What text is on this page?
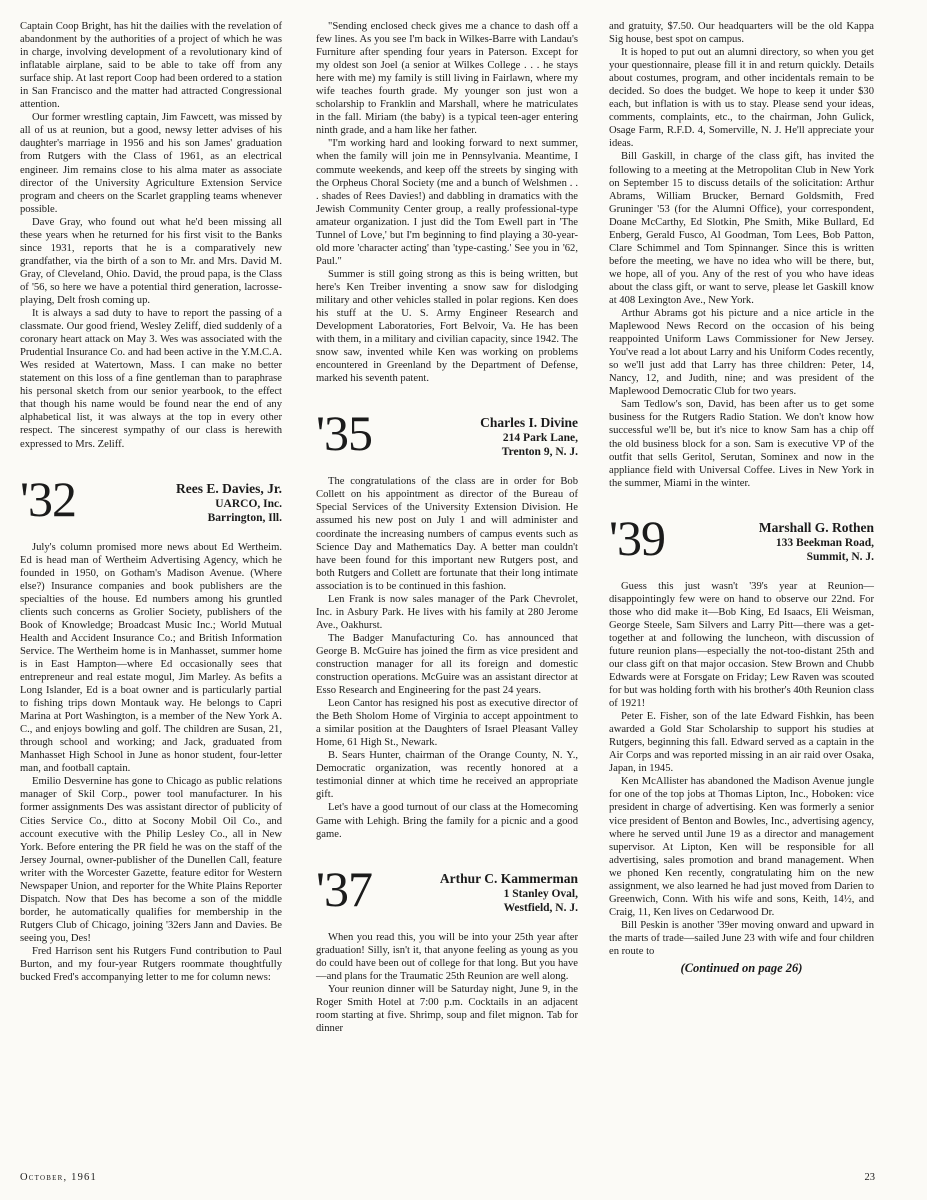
Captain Coop Bright, has hit the dailies with the revelation of abandonment by the authorities of a project of which he was in charge, involving development of a revolutionary kind of inflatable airplane, said to be able to take off from any surface ship. At last report Coop had been ordered to a station in San Francisco and the matter had attracted Congressional attention.

Our former wrestling captain, Jim Fawcett, was missed by all of us at reunion, but a good, newsy letter advises of his daughter's marriage in 1956 and his son James' graduation from Rutgers with the Class of 1961, as an electrical engineer. Jim remains close to his alma mater as associate director of the University Agriculture Extension Service program and cheers on the Scarlet grappling teams whenever possible.

Dave Gray, who found out what he'd been missing all these years when he returned for his first visit to the Banks since 1931, reports that he is a comparatively new grandfather, via the birth of a son to Mr. and Mrs. David M. Gray, of Cleveland, Ohio. David, the proud papa, is the Class of '56, so here we have a potential third generation, lacrosse-playing, Delt frosh coming up.

It is always a sad duty to have to report the passing of a classmate. Our good friend, Wesley Zeliff, died suddenly of a coronary heart attack on May 3. Wes was associated with the Prudential Insurance Co. and had been active in the Y.M.C.A. Wes resided at Watertown, Mass. I can make no better statement on this loss of a fine gentleman than to paraphrase his personal sketch from our senior yearbook, to the effect that though his name would be found near the end of any alphabetical list, it was always at the top in every other respect. The sincerest sympathy of our class is herewith expressed to Mrs. Zeliff.

'32	Rees E. Davies, Jr.
UARCO, Inc.
Barrington, Ill.

July's column promised more news about Ed Wertheim. Ed is head man of Wertheim Advertising Agency, which he founded in 1950, on Gotham's Madison Avenue. (Where else?) Insurance companies and book publishers are the specialties of the house. Ed numbers among his gruntled clients such concerns as Grolier Society, publishers of the Book of Knowledge; Broadcast Music Inc.; World Mutual Health and Accident Insurance Co.; and British Information Service. The Wertheim home is in Manhasset, summer home is in East Hampton—where Ed occasionally sees that entrepreneur and real estate mogul, Jim Marley. As befits a Long Islander, Ed is a boat owner and is particularly partial to fishing trips down Montauk way. He belongs to Capri Marina at Port Washington, is a member of the New York A. C., and enjoys bowling and golf. The children are Susan, 21, through school and working; and Jack, graduated from Manhasset High School in June as honor student, four-letter man, and football captain.

Emilio Desvernine has gone to Chicago as public relations manager of Skil Corp., power tool manufacturer. In his former assignments Des was assistant director of publicity of Cities Service Co., ditto at Socony Mobil Oil Co., and account executive with the Philip Lesley Co., all in New York. Before entering the PR field he was on the staff of the Jersey Journal, owner-publisher of the Dunellen Call, feature writer with the Worcester Gazette, feature editor for Western Newspaper Union, and reporter for the White Plains Reporter Dispatch. Now that Des has become a son of the middle border, he automatically qualifies for membership in the Rutgers Club of Chicago, joining '32ers Jann and Davies. Be seeing you, Des!

Fred Harrison sent his Rutgers Fund contribution to Paul Burton, and my four-year Rutgers roommate thoughtfully bucked Fred's accompanying letter to me for column news:

"Sending enclosed check gives me a chance to dash off a few lines. As you see I'm back in Wilkes-Barre with Landau's Furniture after spending four years in Paterson. Except for my oldest son Joel (a senior at Wilkes College . . . he stays here with me) my family is still living in Fairlawn, where my wife teaches fourth grade. My younger son just won a scholarship to Franklin and Marshall, where he matriculates in the fall. Miriam (the baby) is a typical teen-ager entering ninth grade, and a ham like her father.

"I'm working hard and looking forward to next summer, when the family will join me in Pennsylvania. Meantime, I commute weekends, and keep off the streets by singing with the Orpheus Choral Society (me and a bunch of Welshmen . . . shades of Rees Davies!) and dabbling in dramatics with the Jewish Community Center group, a really professional-type amateur organization. I just did the Tom Ewell part in 'The Tunnel of Love,' but I'm beginning to find playing a 30-year-old more 'character acting' than 'type-casting.' See you in '62, Paul."

Summer is still going strong as this is being written, but here's Ken Treiber inventing a snow saw for dislodging military and other vehicles stalled in polar regions. Ken does his stuff at the U. S. Army Engineer Research and Development Laboratories, Fort Belvoir, Va. He has been with them, in a military and civilian capacity, since 1942. The snow saw, invented while Ken was working on problems encountered in Greenland by the Department of Defense, marked his seventh patent.

'35	Charles I. Divine
214 Park Lane,
Trenton 9, N. J.

The congratulations of the class are in order for Bob Collett on his appointment as director of the Bureau of Special Services of the University Extension Division. He assumed his new post on July 1 and will administer and coordinate the increasing numbers of campus events such as Science Day and Mathematics Day. A better man couldn't have been found for this important new Rutgers post, and both Rutgers and Collett are fortunate that their long intimate association is to be continued in this fashion.

Len Frank is now sales manager of the Park Chevrolet, Inc. in Asbury Park. He lives with his family at 280 Jerome Ave., Oakhurst.

The Badger Manufacturing Co. has announced that George B. McGuire has joined the firm as vice president and construction manager for all its foreign and domestic construction operations. McGuire was an assistant director at Esso Research and Engineering for the past 24 years.

Leon Cantor has resigned his post as executive director of the Beth Sholom Home of Virginia to accept appointment to a similar position at the Daughters of Israel Pleasant Valley Home, 61 High St., Newark.

B. Sears Hunter, chairman of the Orange County, N. Y., Democratic organization, was recently honored at a testimonial dinner at which time he received an appropriate gift.

Let's have a good turnout of our class at the Homecoming Game with Lehigh. Bring the family for a picnic and a good game.

'37	Arthur C. Kammerman
1 Stanley Oval,
Westfield, N. J.

When you read this, you will be into your 25th year after graduation! Silly, isn't it, that anyone feeling as young as you do could have been out of college for that long. But you have—and plans for the Traumatic 25th Reunion are well along.

Your reunion dinner will be Saturday night, June 9, in the Roger Smith Hotel at 7:00 p.m. Cocktails in an adjacent room starting at five. Shrimp, soup and filet mignon. Tab for dinner

and gratuity, $7.50. Our headquarters will be the old Kappa Sig house, best spot on campus.

It is hoped to put out an alumni directory, so when you get your questionnaire, please fill it in and return quickly. Details about costumes, program, and other incidentals remain to be decided. So does the budget. We hope to keep it under $30 each, but inflation is with us to stay. Please send your ideas, comments, complaints, etc., to the chairman, John Gulick, Osage Farm, R.F.D. 4, Somerville, N. J. He'll appreciate your ideas.

Bill Gaskill, in charge of the class gift, has invited the following to a meeting at the Metropolitan Club in New York on September 15 to discuss details of the solicitation: Arthur Abrams, William Brucker, Bernard Goldsmith, Fred Gruninger '53 (for the Alumni Office), your correspondent, Doane McCarthy, Ed Slotkin, Phe Smith, Mike Bullard, Ed Enberg, Gerald Fusco, Al Goodman, Tom Lees, Bob Patton, Clare Schimmel and Tom Spinnanger. Since this is written before the meeting, we have no idea who will be there, but, we hope, all of you. Any of the rest of you who have ideas about the class gift, or want to serve, please let Gaskill know at 408 Lexington Ave., New York.

Arthur Abrams got his picture and a nice article in the Maplewood News Record on the occasion of his being reappointed Uniform Laws Commissioner for New Jersey. You've read a lot about Larry and his Uniform Codes recently, so we'll just add that Larry has three children: Peter, 14, Nancy, 12, and Judith, nine; and was president of the Maplewood Democratic Club for two years.

Sam Tedlow's son, David, has been after us to get some business for the Rutgers Radio Station. We don't know how successful we'll be, but it's nice to know Sam has a chip off the old business block for a son. Sam is executive VP of the outfit that sells Geritol, Serutan, Sominex and now in the appliance field with Universal Coffee. Lives in New York in the summer, Miami in the winter.

'39	Marshall G. Rothen
133 Beekman Road,
Summit, N. J.

Guess this just wasn't '39's year at Reunion—disappointingly few were on hand to observe our 22nd. For those who did make it—Bob King, Ed Isaacs, Eli Weisman, George Steele, Sam Silvers and Larry Pitt—there was a get-together at and following the luncheon, with discussion of future reunion plans—especially the not-too-distant 25th and our class gift on that major occasion. Stew Brown and Chubb Edwards were at Forsgate on Friday; Lew Raven was scouted for but was holding forth with his brother's 40th Reunion class of 1921!

Peter E. Fisher, son of the late Edward Fishkin, has been awarded a Gold Star Scholarship to support his studies at Rutgers, beginning this fall. Edward served as a captain in the Air Corps and was reported missing in an air raid over Osaka, Japan, in 1945.

Ken McAllister has abandoned the Madison Avenue jungle for one of the top jobs at Thomas Lipton, Inc., Hoboken: vice president in charge of advertising. Ken was formerly a senior vice president of Benton and Bowles, Inc., advertising agency, where he served until June 19 as a director and management supervisor. At Lipton, Ken will be responsible for all advertising, sales promotion and brand management. When we phoned Ken recently, congratulating him on the new assignment, we also learned he had just moved from Darien to Greenwich, Conn. With his wife and sons, Keith, 14½, and Craig, 11, Ken lives on Cedarwood Dr.

Bill Peskin is another '39er moving onward and upward in the marts of trade—sailed June 23 with wife and four children en route to

(Continued on page 26)
October, 1961	23
